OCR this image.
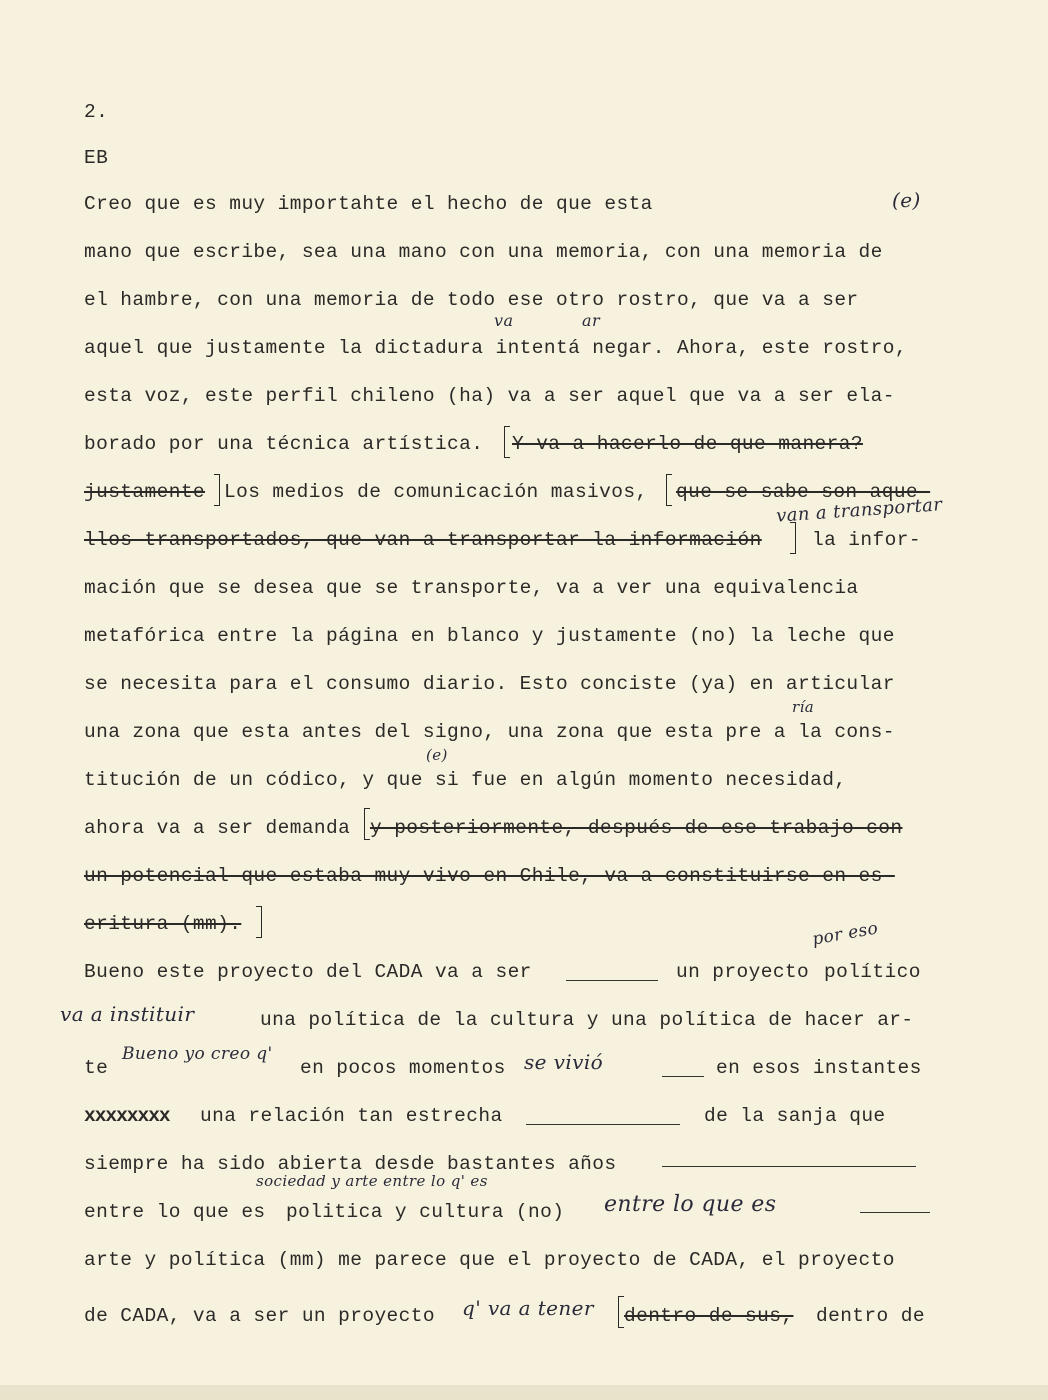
2.
EB
Creo que es muy importahte el hecho de que esta	(e)
mano que escribe, sea una mano con una memoria, con una memoria de
el hambre, con una memoria de todo ese otro rostro, que va a ser
va	ar
aquel que justamente la dictadura intentá negar. Ahora, este rostro,
esta voz, este perfil chileno (ha) va a ser aquel que va a ser ela-
borado por una técnica artística. Y va a hacerlo de que manera?
justamente Los medios de comunicación masivos, que se sabe son aque-
van a transportar
llos transportados, que van a transportar la información	la infor-
mación que se desea que se transporte, va a ver una equivalencia
metafórica entre la página en blanco y justamente (no) la leche que
se necesita para el consumo diario. Esto conciste (ya) en articular
ría
una zona que esta antes del signo, una zona que esta pre a la cons-
(e)
titución de un códico, y que si fue en algún momento necesidad,
ahora va a ser demanda y posteriormente, después de ese trabajo con
un potencial que estaba muy vivo en Chile, va a constituirse en es-
eritura (mm).	por eso
Bueno este proyecto del CADA va a ser	un proyecto político
va a instituir	una política de la cultura y una política de hacer ar-
te
Bueno yo creo q'
en pocos momentos se vivió	en esos instantes
xxxxxxxx una relación tan estrecha	de la sanja que
siempre ha sido abierta desde bastantes años
sociedad y arte entre lo q' es
entre lo que es politica y cultura (no) entre lo que es
arte y política (mm) me parece que el proyecto de CADA, el proyecto
de CADA, va a ser un proyecto q' va a tener dentro de sus, dentro de
